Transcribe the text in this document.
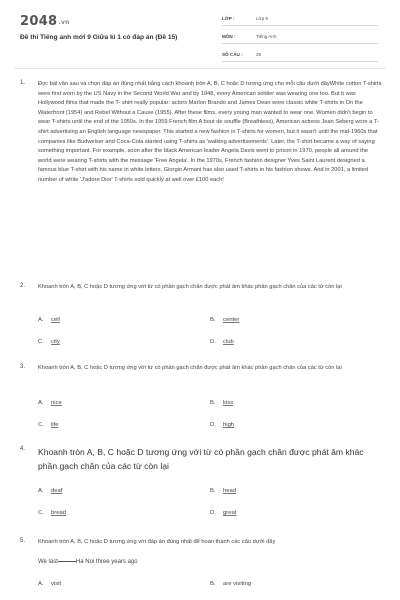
2048.vn
Đề thi Tiếng anh mới 9 Giữa kì 1 có đáp án (Đề 15)
LỚP :	Lớp 9
MÔN :	Tiếng Anh
SỐ CÂU :	26
1. Đọc bài văn sau và chọn đáp án đúng nhất bằng cách khoanh tròn A, B, C hoặc D tương ứng cho mỗi câu dưới đâyWhite cotton T-shirts were first worn by the US Navy in the Second World War and by 1948, every American soldier was wearing one too. But it was Hollywood films that made the T- shirt really popular: actors Marlon Brando and James Dean wore classic white T-shirts in On the Waterfront (1954) and Rebel Without a Cause (1955). After these films, every young man wanted to wear one. Women didn't begin to wear T-shirts until the end of the 1950s. In the 1959 French film A bout de souffle (Breathless), American actress Jean Seberg wore a T-shirt advertising an English language newspaper. This started a new fashion in T-shirts for women, but it wasn't until the mid-1960s that companies like Budweiser and Coca-Cola started using T-shirts as 'walking advertisements'. Later, the T-shirt became a way of saying something important. For example, soon after the black American leader Angela Davis went to prison in 1970, people all around the world were wearing T-shirts with the message 'Free Angela'. In the 1970s, French fashion designer Yves Saint Laurent designed a famous blue T-shirt with his name in white letters. Giorgio Armani has also used T-shirts in his fashion shows. And in 2001, a limited number of white 'J'adore Dior' T-shirts sold quickly at well over £100 each!
2. Khoanh tròn A, B, C hoặc D tương ứng với từ có phần gạch chân được phát âm khác phần gạch chân của các từ còn lại
A. cell	B. center
C. city	D. club
3. Khoanh tròn A, B, C hoặc D tương ứng với từ có phần gạch chân được phát âm khác phần gạch chân của các từ còn lại
A. nice	B. kiss
C. life	D. high
4. Khoanh tròn A, B, C hoặc D tương ứng với từ có phần gạch chân được phát âm khác phần gạch chân của các từ còn lại
A. deaf	B. head
C. bread	D. great
5. Khoanh tròn A, B, C hoặc D tương ứng với đáp án đúng nhất để hoàn thành các câu dưới đây
We last	Ha Noi three years ago
A. visit	B. are visiting
